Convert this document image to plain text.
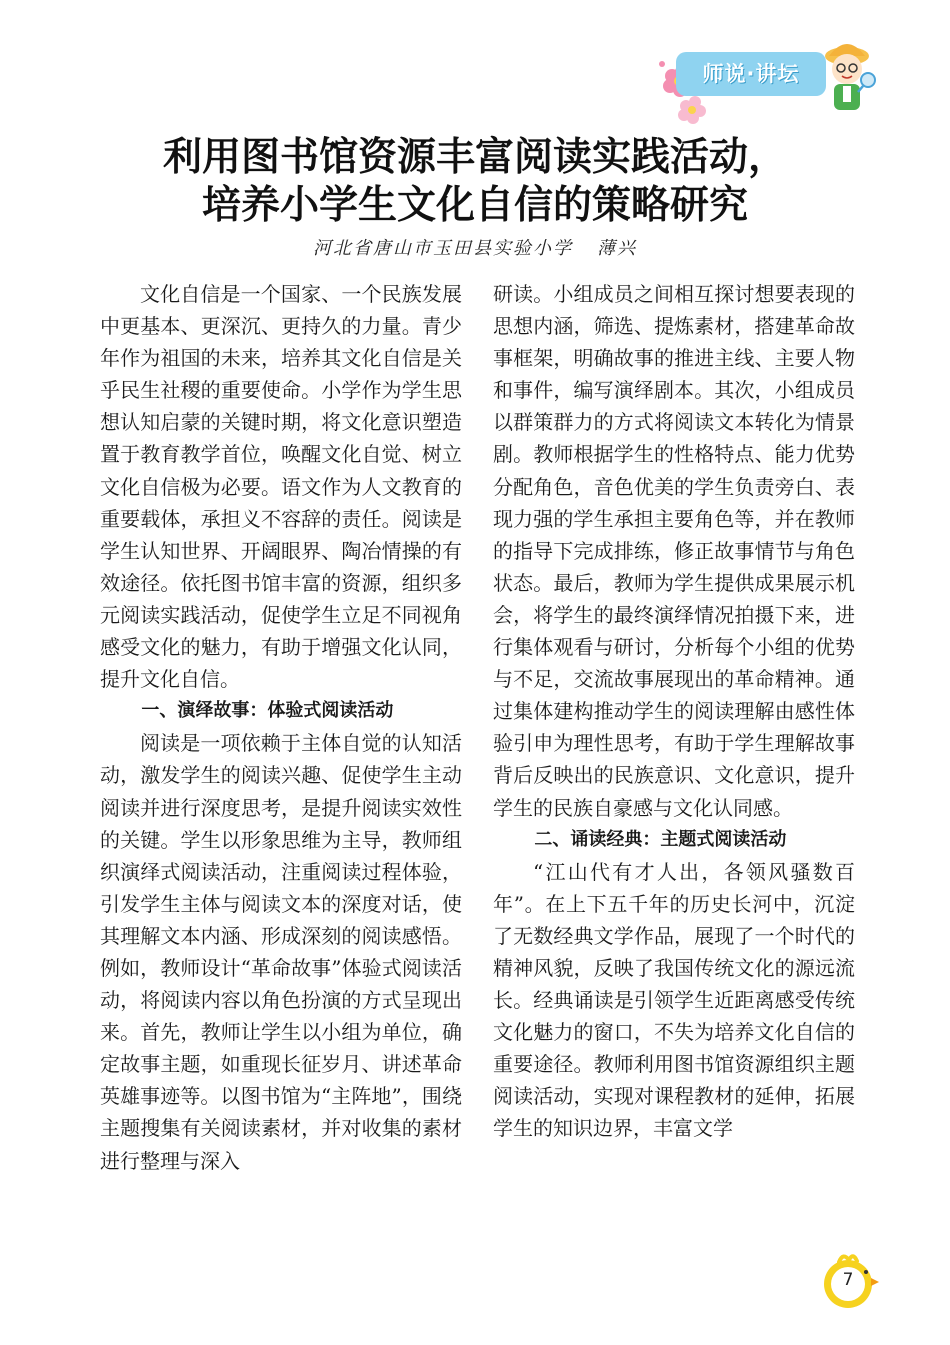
师说·讲坛
利用图书馆资源丰富阅读实践活动，
培养小学生文化自信的策略研究
河北省唐山市玉田县实验小学 薄兴

文化自信是一个国家、一个民族发展中更基本、更深沉、更持久的力量。青少年作为祖国的未来，培养其文化自信是关乎民生社稷的重要使命。小学作为学生思想认知启蒙的关键时期，将文化意识塑造置于教育教学首位，唤醒文化自觉、树立文化自信极为必要。语文作为人文教育的重要载体，承担义不容辞的责任。阅读是学生认知世界、开阔眼界、陶冶情操的有效途径。依托图书馆丰富的资源，组织多元阅读实践活动，促使学生立足不同视角感受文化的魅力，有助于增强文化认同，提升文化自信。

一、演绎故事：体验式阅读活动

阅读是一项依赖于主体自觉的认知活动，激发学生的阅读兴趣、促使学生主动阅读并进行深度思考，是提升阅读实效性的关键。学生以形象思维为主导，教师组织演绎式阅读活动，注重阅读过程体验，引发学生主体与阅读文本的深度对话，使其理解文本内涵、形成深刻的阅读感悟。例如，教师设计“革命故事”体验式阅读活动，将阅读内容以角色扮演的方式呈现出来。首先，教师让学生以小组为单位，确定故事主题，如重现长征岁月、讲述革命英雄事迹等。以图书馆为“主阵地”，围绕主题搜集有关阅读素材，并对收集的素材进行整理与深入

研读。小组成员之间相互探讨想要表现的思想内涵，筛选、提炼素材，搭建革命故事框架，明确故事的推进主线、主要人物和事件，编写演绎剧本。其次，小组成员以群策群力的方式将阅读文本转化为情景剧。教师根据学生的性格特点、能力优势分配角色，音色优美的学生负责旁白、表现力强的学生承担主要角色等，并在教师的指导下完成排练，修正故事情节与角色状态。最后，教师为学生提供成果展示机会，将学生的最终演绎情况拍摄下来，进行集体观看与研讨，分析每个小组的优势与不足，交流故事展现出的革命精神。通过集体建构推动学生的阅读理解由感性体验引申为理性思考，有助于学生理解故事背后反映出的民族意识、文化意识，提升学生的民族自豪感与文化认同感。

二、诵读经典：主题式阅读活动

“江山代有才人出，各领风骚数百年”。在上下五千年的历史长河中，沉淀了无数经典文学作品，展现了一个时代的精神风貌，反映了我国传统文化的源远流长。经典诵读是引领学生近距离感受传统文化魅力的窗口，不失为培养文化自信的重要途径。教师利用图书馆资源组织主题阅读活动，实现对课程教材的延伸，拓展学生的知识边界，丰富文学

7
